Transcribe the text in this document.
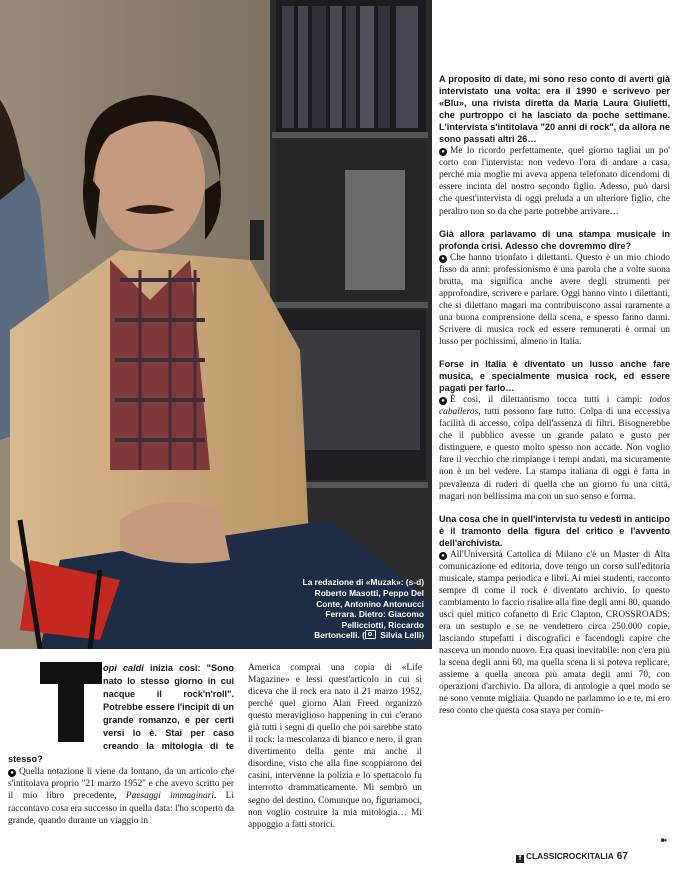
La redazione di «Muzak»: (s-d)
Roberto Masotti, Peppo Del
Conte, Antonino Antonucci
Ferrara. Dietro: Giacomo
Pellicciotti, Riccardo
Bertoncelli. ( Silvia Lelli)

opi caldi inizia così: "Sono nato lo stesso giorno in cui nacque il rock'n'roll". Potrebbe essere l'incipit di un grande romanzo, e per certi versi lo è. Stai per caso creando la mitologia di te stesso?

● Quella notazione lì viene da lontano, da un articolo che s'intitolava proprio "21 marzo 1952" e che avevo scritto per il mio libro precedente, Paesaggi immaginari. Lì raccontavo cosa era successo in quella data: l'ho scoperto da grande, quando durante un viaggio in

America comprai una copia di «Life Magazine» e lessi quest'articolo in cui si diceva che il rock era nato il 21 marzo 1952, perché quel giorno Alan Freed organizzò questo meraviglioso happening in cui c'erano già tutti i segni di quello che poi sarebbe stato il rock: la mescolanza di bianco e nero, il gran divertimento della gente ma anche il disordine, visto che alla fine scoppiarono dei casini, intervenne la polizia e lo spettacolo fu interrotto drammaticamente. Mi sembrò un segno del destino. Comunque no, figuriamoci, non voglio costruire la mia mitologia… Mi appoggio a fatti storici.

A proposito di date, mi sono reso conto di averti già intervistato una volta: era il 1990 e scrivevo per «Blu», una rivista diretta da Maria Laura Giulietti, che purtroppo ci ha lasciato da poche settimane. L'intervista s'intitolava "20 anni di rock", da allora ne sono passati altri 26…

● Me lo ricordo perfettamente, quel giorno tagliai un po' corto con l'intervista: non vedevo l'ora di andare a casa, perché mia moglie mi aveva appena telefonato dicendomi di essere incinta del nostro secondo figlio. Adesso, può darsi che quest'intervista di oggi preluda a un ulteriore figlio, che peraltro non so da che parte potrebbe arrivare…

Già allora parlavamo di una stampa musicale in profonda crisi. Adesso che dovremmo dire?

● Che hanno trionfato i dilettanti. Questo è un mio chiodo fisso da anni: professionismo è una parola che a volte suona brutta, ma significa anche avere degli strumenti per approfondire, scrivere e parlare. Oggi hanno vinto i dilettanti, che si dilettano magari ma contribuiscono assai raramente a una buona comprensione della scena, e spesso fanno danni. Scrivere di musica rock ed essere remunerati è ormai un lusso per pochissimi, almeno in Italia.

Forse in Italia è diventato un lusso anche fare musica, e specialmente musica rock, ed essere pagati per farlo…

● È così, il dilettantismo tocca tutti i campi: todos caballeros, tutti possono fare tutto. Colpa di una eccessiva facilità di accesso, colpa dell'assenza di filtri. Bisognerebbe che il pubblico avesse un grande palato e gusto per distinguere, e questo molto spesso non accade. Non voglio fare il vecchio che rimpiange i tempi andati, ma sicuramente non è un bel vedere. La stampa italiana di oggi è fatta in prevalenza di ruderi di quella che un giorno fu una città, magari non bellissima ma con un suo senso e forma.

Una cosa che in quell'intervista tu vedesti in anticipo è il tramonto della figura del critico e l'avvento dell'archivista.

● All'Università Cattolica di Milano c'è un Master di Alta comunicazione ed editoria, dove tengo un corso sull'editoria musicale, stampa periodica e libri. Ai miei studenti, racconto sempre di come il rock è diventato archivio. Io questo cambiamento lo faccio risalire alla fine degli anni 80, quando uscì quel mitico cofanetto di Eric Clapton, CROSSROADS: era un sestuplo e se ne vendettero circa 250.000 copie, lasciando stupefatti i discografici e facendogli capire che nasceva un mondo nuovo. Era quasi inevitabile: non c'era più la scena degli anni 60, ma quella scena lì si poteva replicare, assieme a quella ancora più amata degli anni 70, con operazioni d'archivio. Da allora, di antologie a quel modo se ne sono venute migliaia. Quando ne parlammo io e te, mi ero reso conto che questa cosa stava per comin-

➽
f CLASSICROCKITALIA 67
